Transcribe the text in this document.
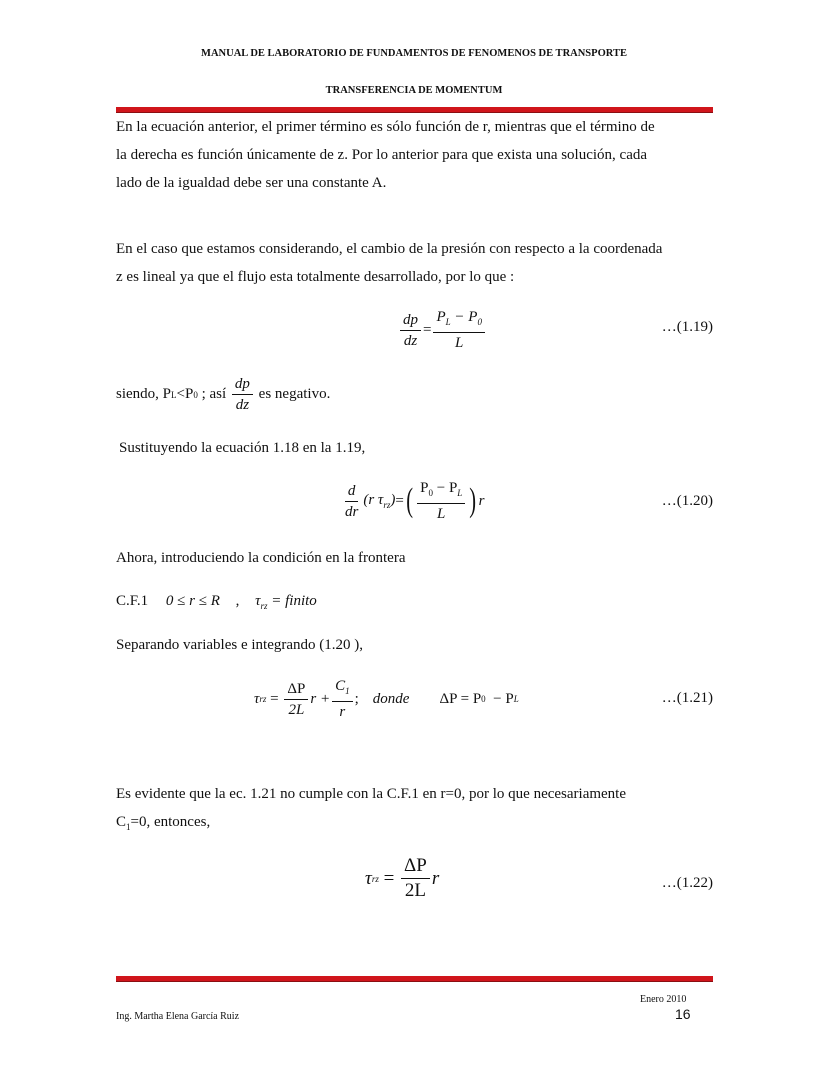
MANUAL DE LABORATORIO DE FUNDAMENTOS DE FENOMENOS DE TRANSPORTE
TRANSFERENCIA DE MOMENTUM
En la ecuación anterior, el primer término es sólo función de r, mientras que el término de
la derecha es función únicamente de z. Por lo anterior para que exista una solución, cada
lado de la igualdad debe ser una constante A.
En el caso que estamos considerando, el cambio de la presión con respecto a la coordenada
z es lineal ya que el flujo esta totalmente desarrollado, por lo que :
$\frac{dp}{dz} = \frac{P_L - P_0}{L}$	…(1.19)
siendo, P L <P 0 ; así $\frac{dp}{dz}$ es negativo.
Sustituyendo la ecuación 1.18 en la 1.19,
$\frac{d}{dr} (r$ $\tau_{rz}$) = ( $\frac{P_0 - P_L}{L}$ ) r	…(1.20)
Ahora, introduciendo la condición en la frontera
C.F.1 0 ≤ r ≤ R , $\tau_{rz}$ = finito
Separando variables e integrando (1.20 ),
τ rz = $\frac{\Delta P}{2L}$ $r + \frac{C_1}{r}$ ; donde ΔP = P 0 − P L	…(1.21)
Es evidente que la ec. 1.21 no cumple con la C.F.1 en r=0, por lo que necesariamente
$C_1=0$, entonces,
τ rz = $\frac{\Delta P}{2L}$ r	…(1.22)
Enero 2010
16
Ing. Martha Elena García Ruiz
